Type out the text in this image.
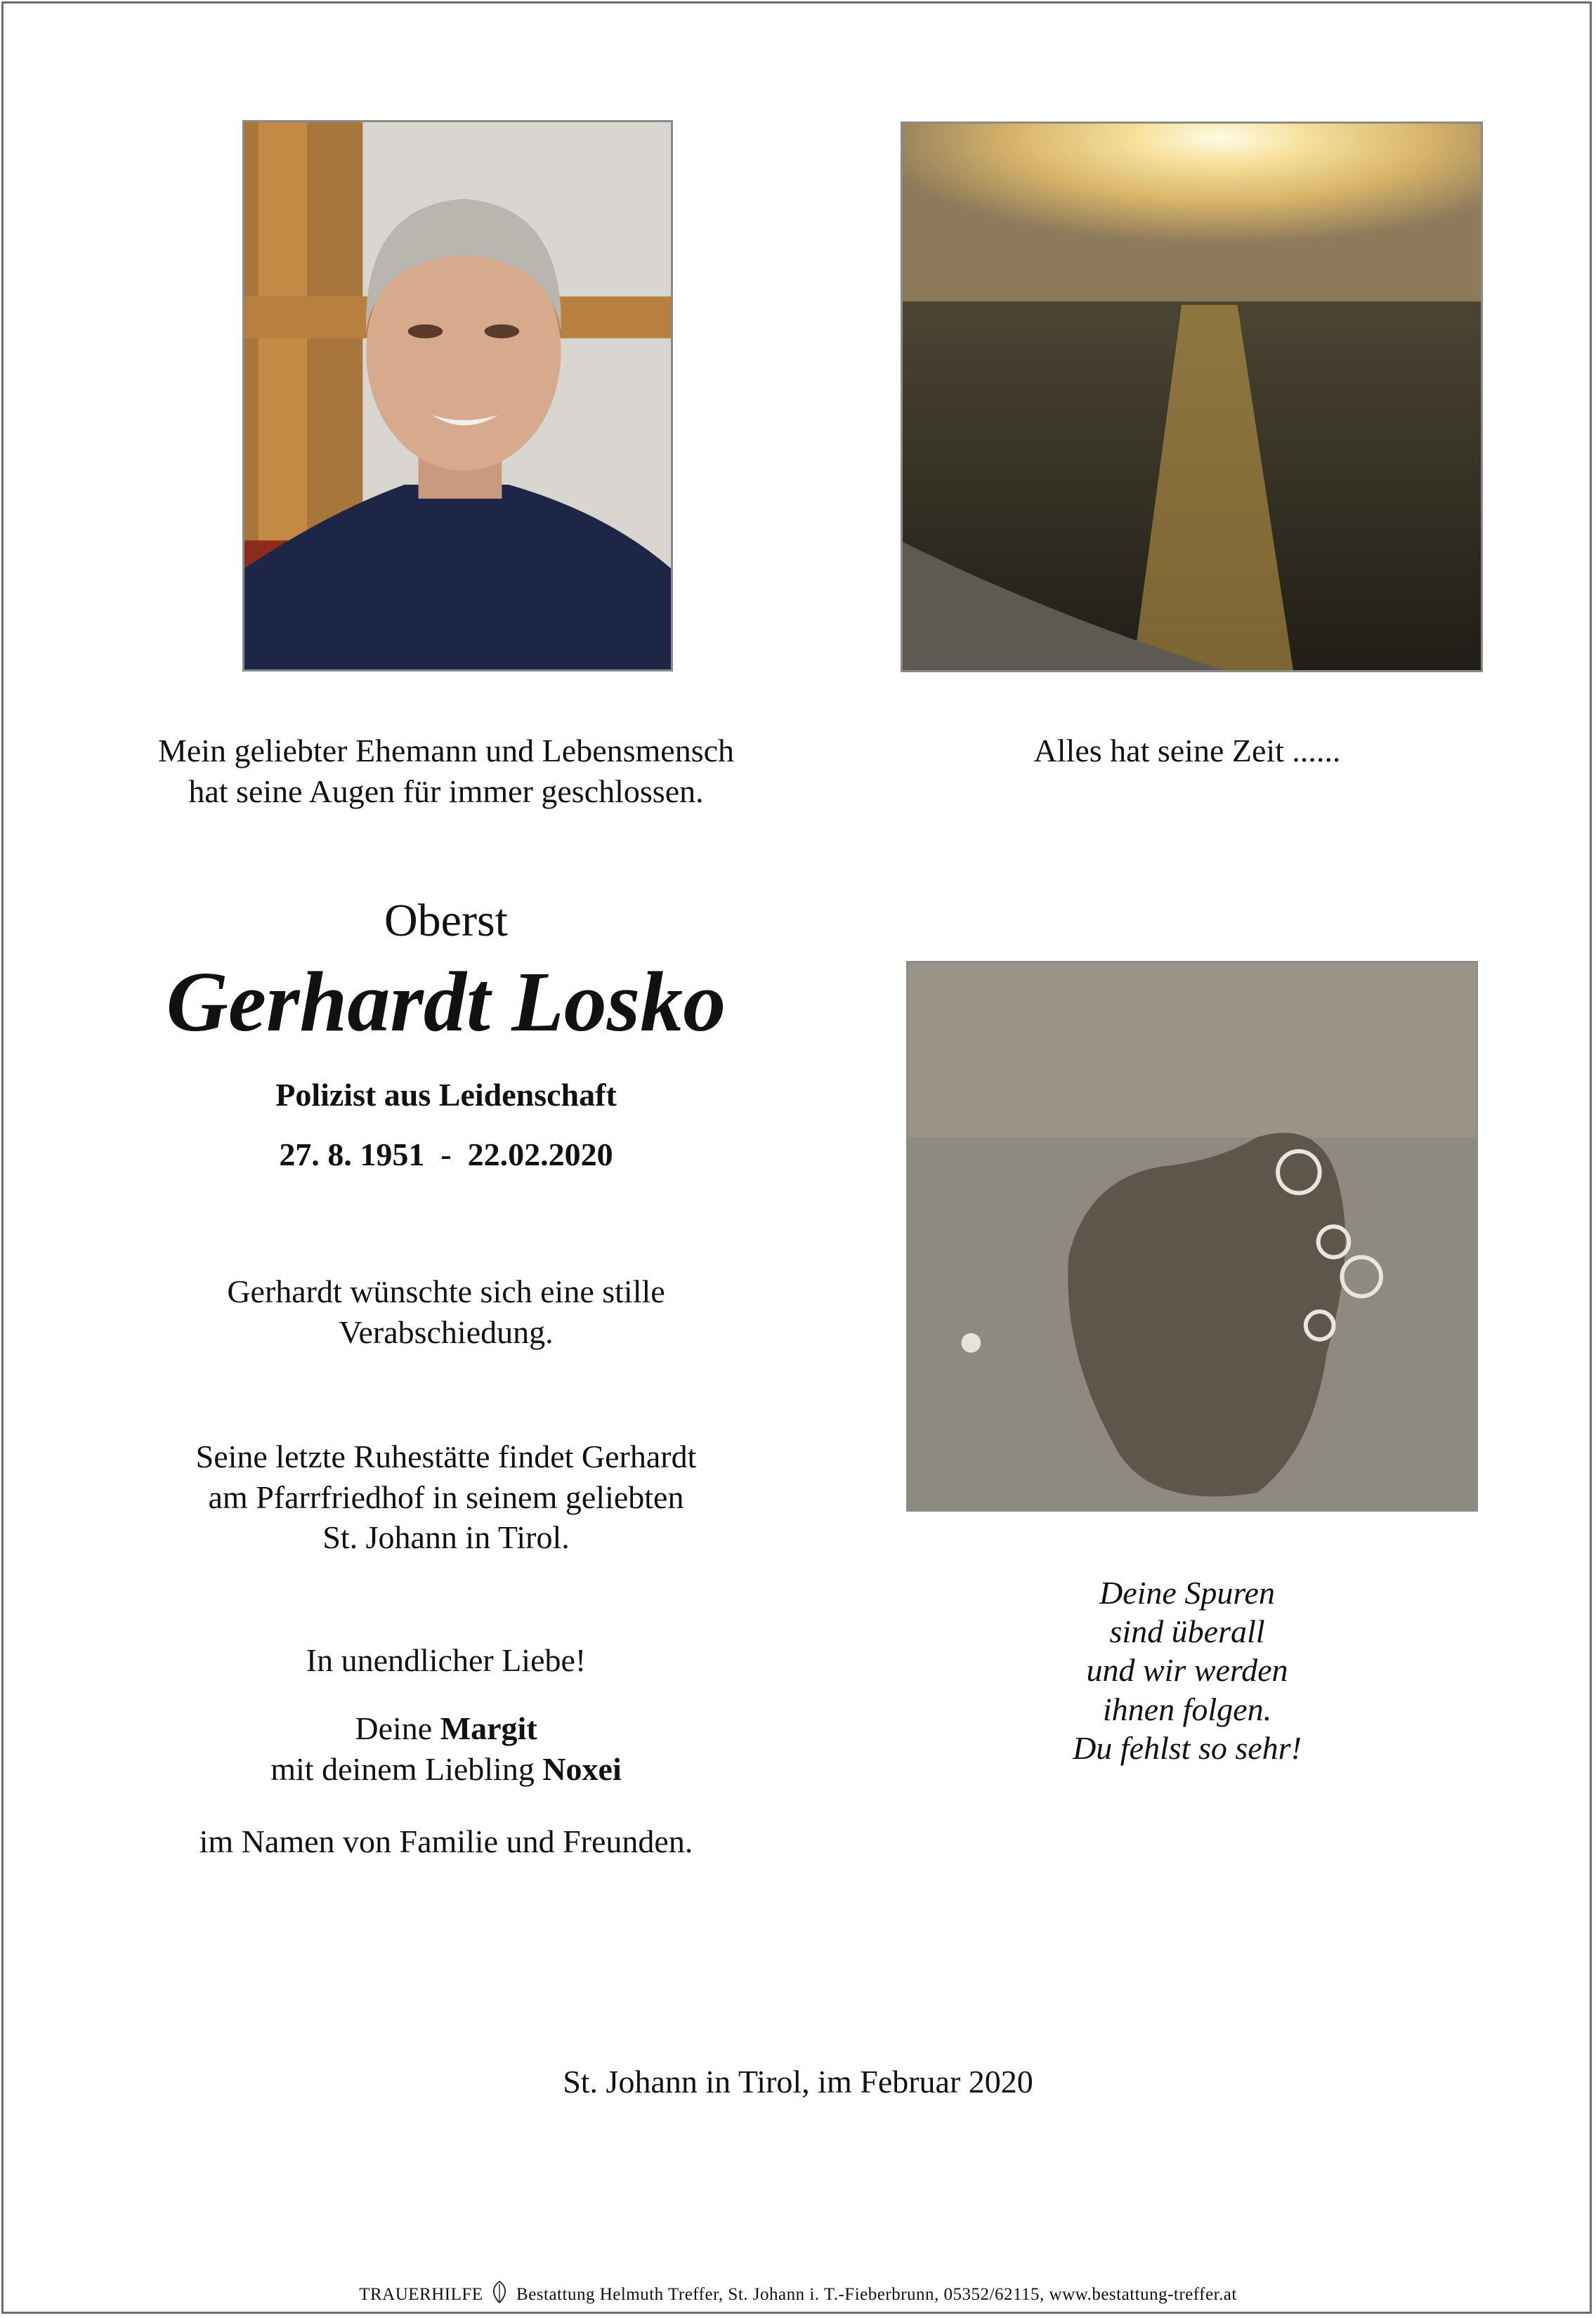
Mein geliebter Ehemann und Lebensmensch
hat seine Augen für immer geschlossen.
Oberst
Gerhardt Losko
Polizist aus Leidenschaft
27. 8. 1951  -  22.02.2020
Gerhardt wünschte sich eine stille
Verabschiedung.
Seine letzte Ruhestätte findet Gerhardt
am Pfarrfriedhof in seinem geliebten
St. Johann in Tirol.
In unendlicher Liebe!
Deine Margit
mit deinem Liebling Noxei
im Namen von Familie und Freunden.
Alles hat seine Zeit ......
Deine Spuren
sind überall
und wir werden
ihnen folgen.
Du fehlst so sehr!
St. Johann in Tirol, im Februar 2020
TRAUERHILFE Bestattung Helmuth Treffer, St. Johann i. T.-Fieberbrunn, 05352/62115, www.bestattung-treffer.at
